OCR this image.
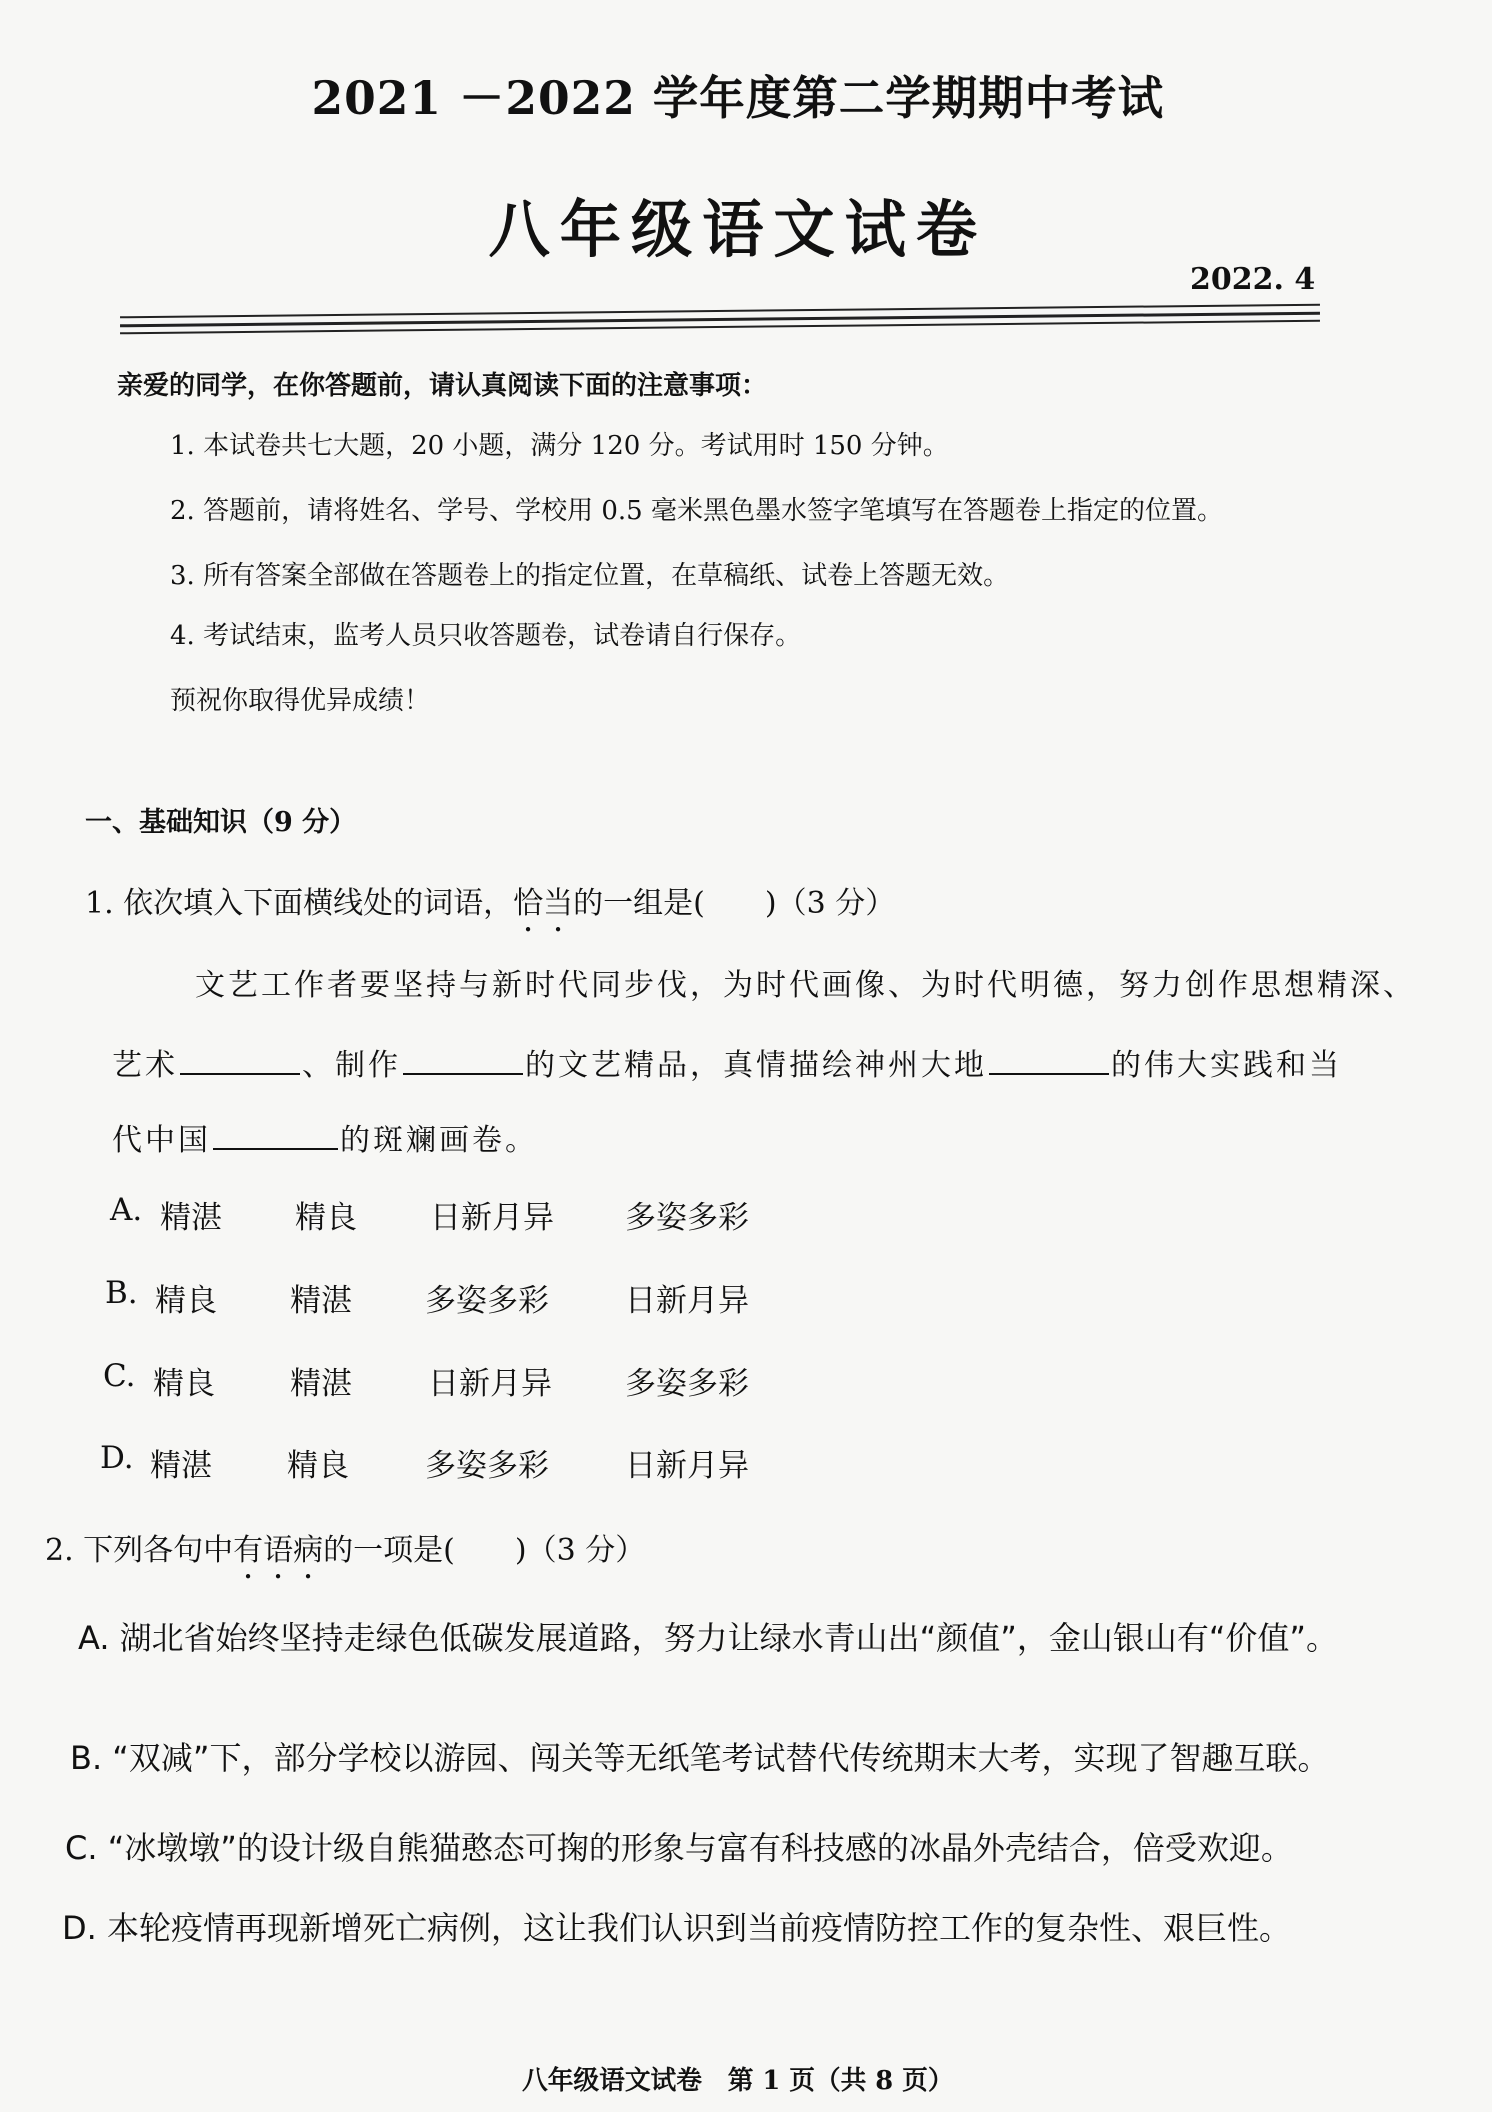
2021 －2022 学年度第二学期期中考试
八年级语文试卷
2022. 4
亲爱的同学，在你答题前，请认真阅读下面的注意事项：
1. 本试卷共七大题，20 小题，满分 120 分。考试用时 150 分钟。
2. 答题前，请将姓名、学号、学校用 0.5 毫米黑色墨水签字笔填写在答题卷上指定的位置。
3. 所有答案全部做在答题卷上的指定位置，在草稿纸、试卷上答题无效。
4. 考试结束，监考人员只收答题卷，试卷请自行保存。
预祝你取得优异成绩！
一、基础知识（9 分）
1. 依次填入下面横线处的词语，恰当的一组是(　　)（3 分）
文艺工作者要坚持与新时代同步伐，为时代画像、为时代明德，努力创作思想精深、
艺术	、制作	的文艺精品，真情描绘神州大地	的伟大实践和当
代中国	的斑斓画卷。
A. 精湛 精良 日新月异 多姿多彩
B. 精良 精湛 多姿多彩 日新月异
C. 精良 精湛 日新月异 多姿多彩
D. 精湛 精良 多姿多彩 日新月异
2. 下列各句中有语病的一项是(　　)（3 分）
A. 湖北省始终坚持走绿色低碳发展道路，努力让绿水青山出“颜值”，金山银山有“价值”。
B. “双减”下，部分学校以游园、闯关等无纸笔考试替代传统期末大考，实现了智趣互联。
C. “冰墩墩”的设计级自熊猫憨态可掬的形象与富有科技感的冰晶外壳结合，倍受欢迎。
D. 本轮疫情再现新增死亡病例，这让我们认识到当前疫情防控工作的复杂性、艰巨性。
八年级语文试卷　第 1 页（共 8 页）
